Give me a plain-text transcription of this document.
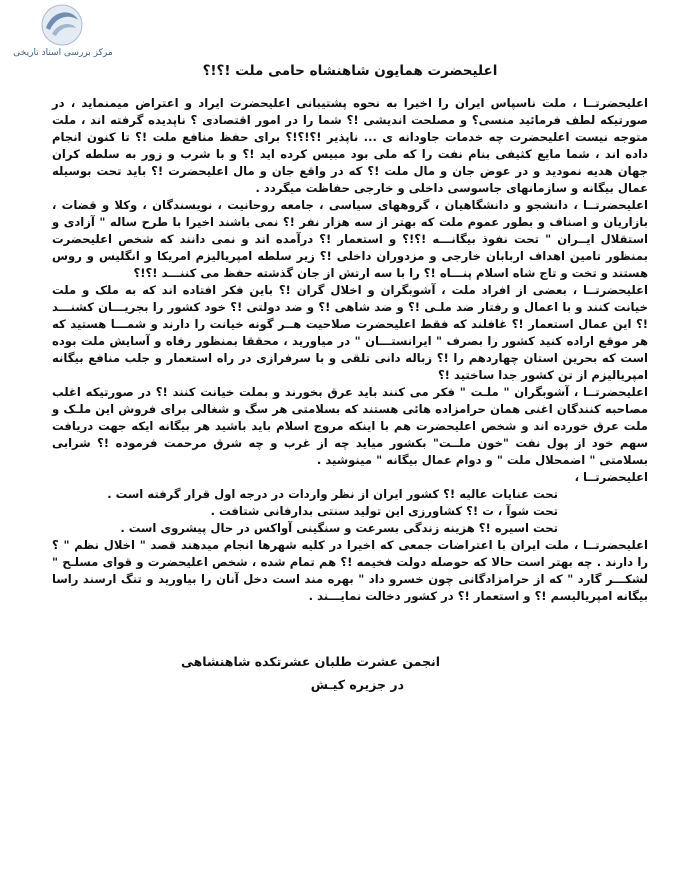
مرکز بررسی اسناد تاریخی
اعلیحضرت همایون شاهنشاه حامی ملت !؟!؟

اعلیحضرتــا ، ملت ناسپاس ایران را اخیرا به نحوه پشتیبانی اعلیحضرت ایراد و اعتراض میمنماید ، در صورتیکه لطف فرمائید منسی؟ و مصلحت اندیشی !؟ شما را در امور اقتصادی ؟ ناپدیده گرفته اند ، ملت متوجه نیست اعلیحضرت چه خدمات جاودانه ی ... ناپذیر !؟!؟!؟ برای حفظ منافع ملت !؟ تا کنون انجام داده اند ، شما مایع کثیفی بنام نفت را که ملی بود مبیس کرده اید !؟ و با شرب و زور به سلطه کران جهان هدیه نمودید و در عوض جان و مال ملت !؟ که در واقع جان و مال اعلیحضرت !؟ باید تحت بوسیله عمال بیگانه و سازمانهای جاسوسی داخلی و خارجی حفاظت میگردد .

اعلیحضرتــا ، دانشجو و دانشگاهیان ، گروههای سیاسی ، جامعه روحانیت ، نویسندگان ، وکلا و قضات ، بازاریان و اصناف و بطور عموم ملت که بهتر از سه هزار نفر !؟ نمی باشند اخیرا با طرح ساله " آزادی و استقلال ایــران " تحت نفوذ بیگانـــه !؟!؟ و استعمار !؟ درآمده اند و نمی دانند که شخص اعلیحضرت بمنظور تامین اهداف اربابان خارجی و مزدوران داخلی !؟ زیر سلطه امپریالیزم امریکا و انگلیس و روس هستند و تخت و تاج شاه اسلام پنـــاه !؟ را با سه ارتش از جان گذشته حفظ می کننـــد !؟!؟

اعلیحضرتــا ، بعضی از افراد ملت ، آشوبگران و اخلال گران !؟ باین فکر افتاده اند که به ملک و ملت خیانت کنند و با اعمال و رفتار ضد ملـی !؟ و ضد شاهی !؟ و ضد دولتی !؟ خود کشور را بجریـــان کشنـــد !؟ این عمال استعمار !؟ غافلند که فقط اعلیحضرت صلاحیت هــر گونه خیانت را دارند و شمـــا هستید که هر موقع اراده کنید کشور را بصرف " ایرانستـــان " در میاورید ، محققا بمنظور رفاه و آسایش ملت بوده است که بحرین استان چهاردهم را !؟ زباله دانی تلقی و با سرفرازی در راه استعمار و جلب منافع بیگانه امپریالیزم از تن کشور جدا ساختید !؟

اعلیحضرتــا ، آشوبگران " ملـت " فکر می کنند باید عرق بخورند و بملت خیانت کنند !؟ در صورتیکه اغلب مصاحبه کنندگان اغنی همان حرامزاده هائی هستند که بسلامتی هر سگ و شغالی برای فروش این ملـک و ملت عرق خورده اند و شخص اعلیحضرت هم با اینکه مروج اسلام باید باشید هر بیگانه ایکه جهت دریافت سهم خود از پول نفت "خون ملــت" بکشور میاید چه از غرب و چه شرق مرحمت فرموده !؟ شرابی بسلامتی " اضمحلال ملت " و دوام عمال بیگانه " مینوشید .

اعلیحضرتــا ،

تحت عنایات عالیه !؟ کشور ایران از نظر واردات در درجه اول قرار گرفته است .

تحت شوآ ، ت !؟ کشاورزی این تولید سنتی بدارفانی شتافت .

تحت اسیره !؟ هزینه زندگی بسرعت و سنگینی آواکس در حال پیشروی است .

اعلیحضرتــا ، ملت ایران با اعتراضات جمعی که اخیرا در کلیه شهرها انجام میدهند قصد " اخلال نظم " ؟ را دارند . چه بهتر است حالا که حوصله دولت فخیمه !؟ هم تمام شده ، شخص اعلیحضرت و قوای مسلـح " لشکـــر گارد " که از حرامزادگانی چون خسرو داد " بهره مند است دخل آنان را بیاورید و تنگ ارسند راسا بیگانه امپریالیسم !؟ و استعمار !؟ در کشور دخالت نمایـــند .

انجمن عشرت طلبان عشرتکده شاهنشاهی
در جزیره کیـش
